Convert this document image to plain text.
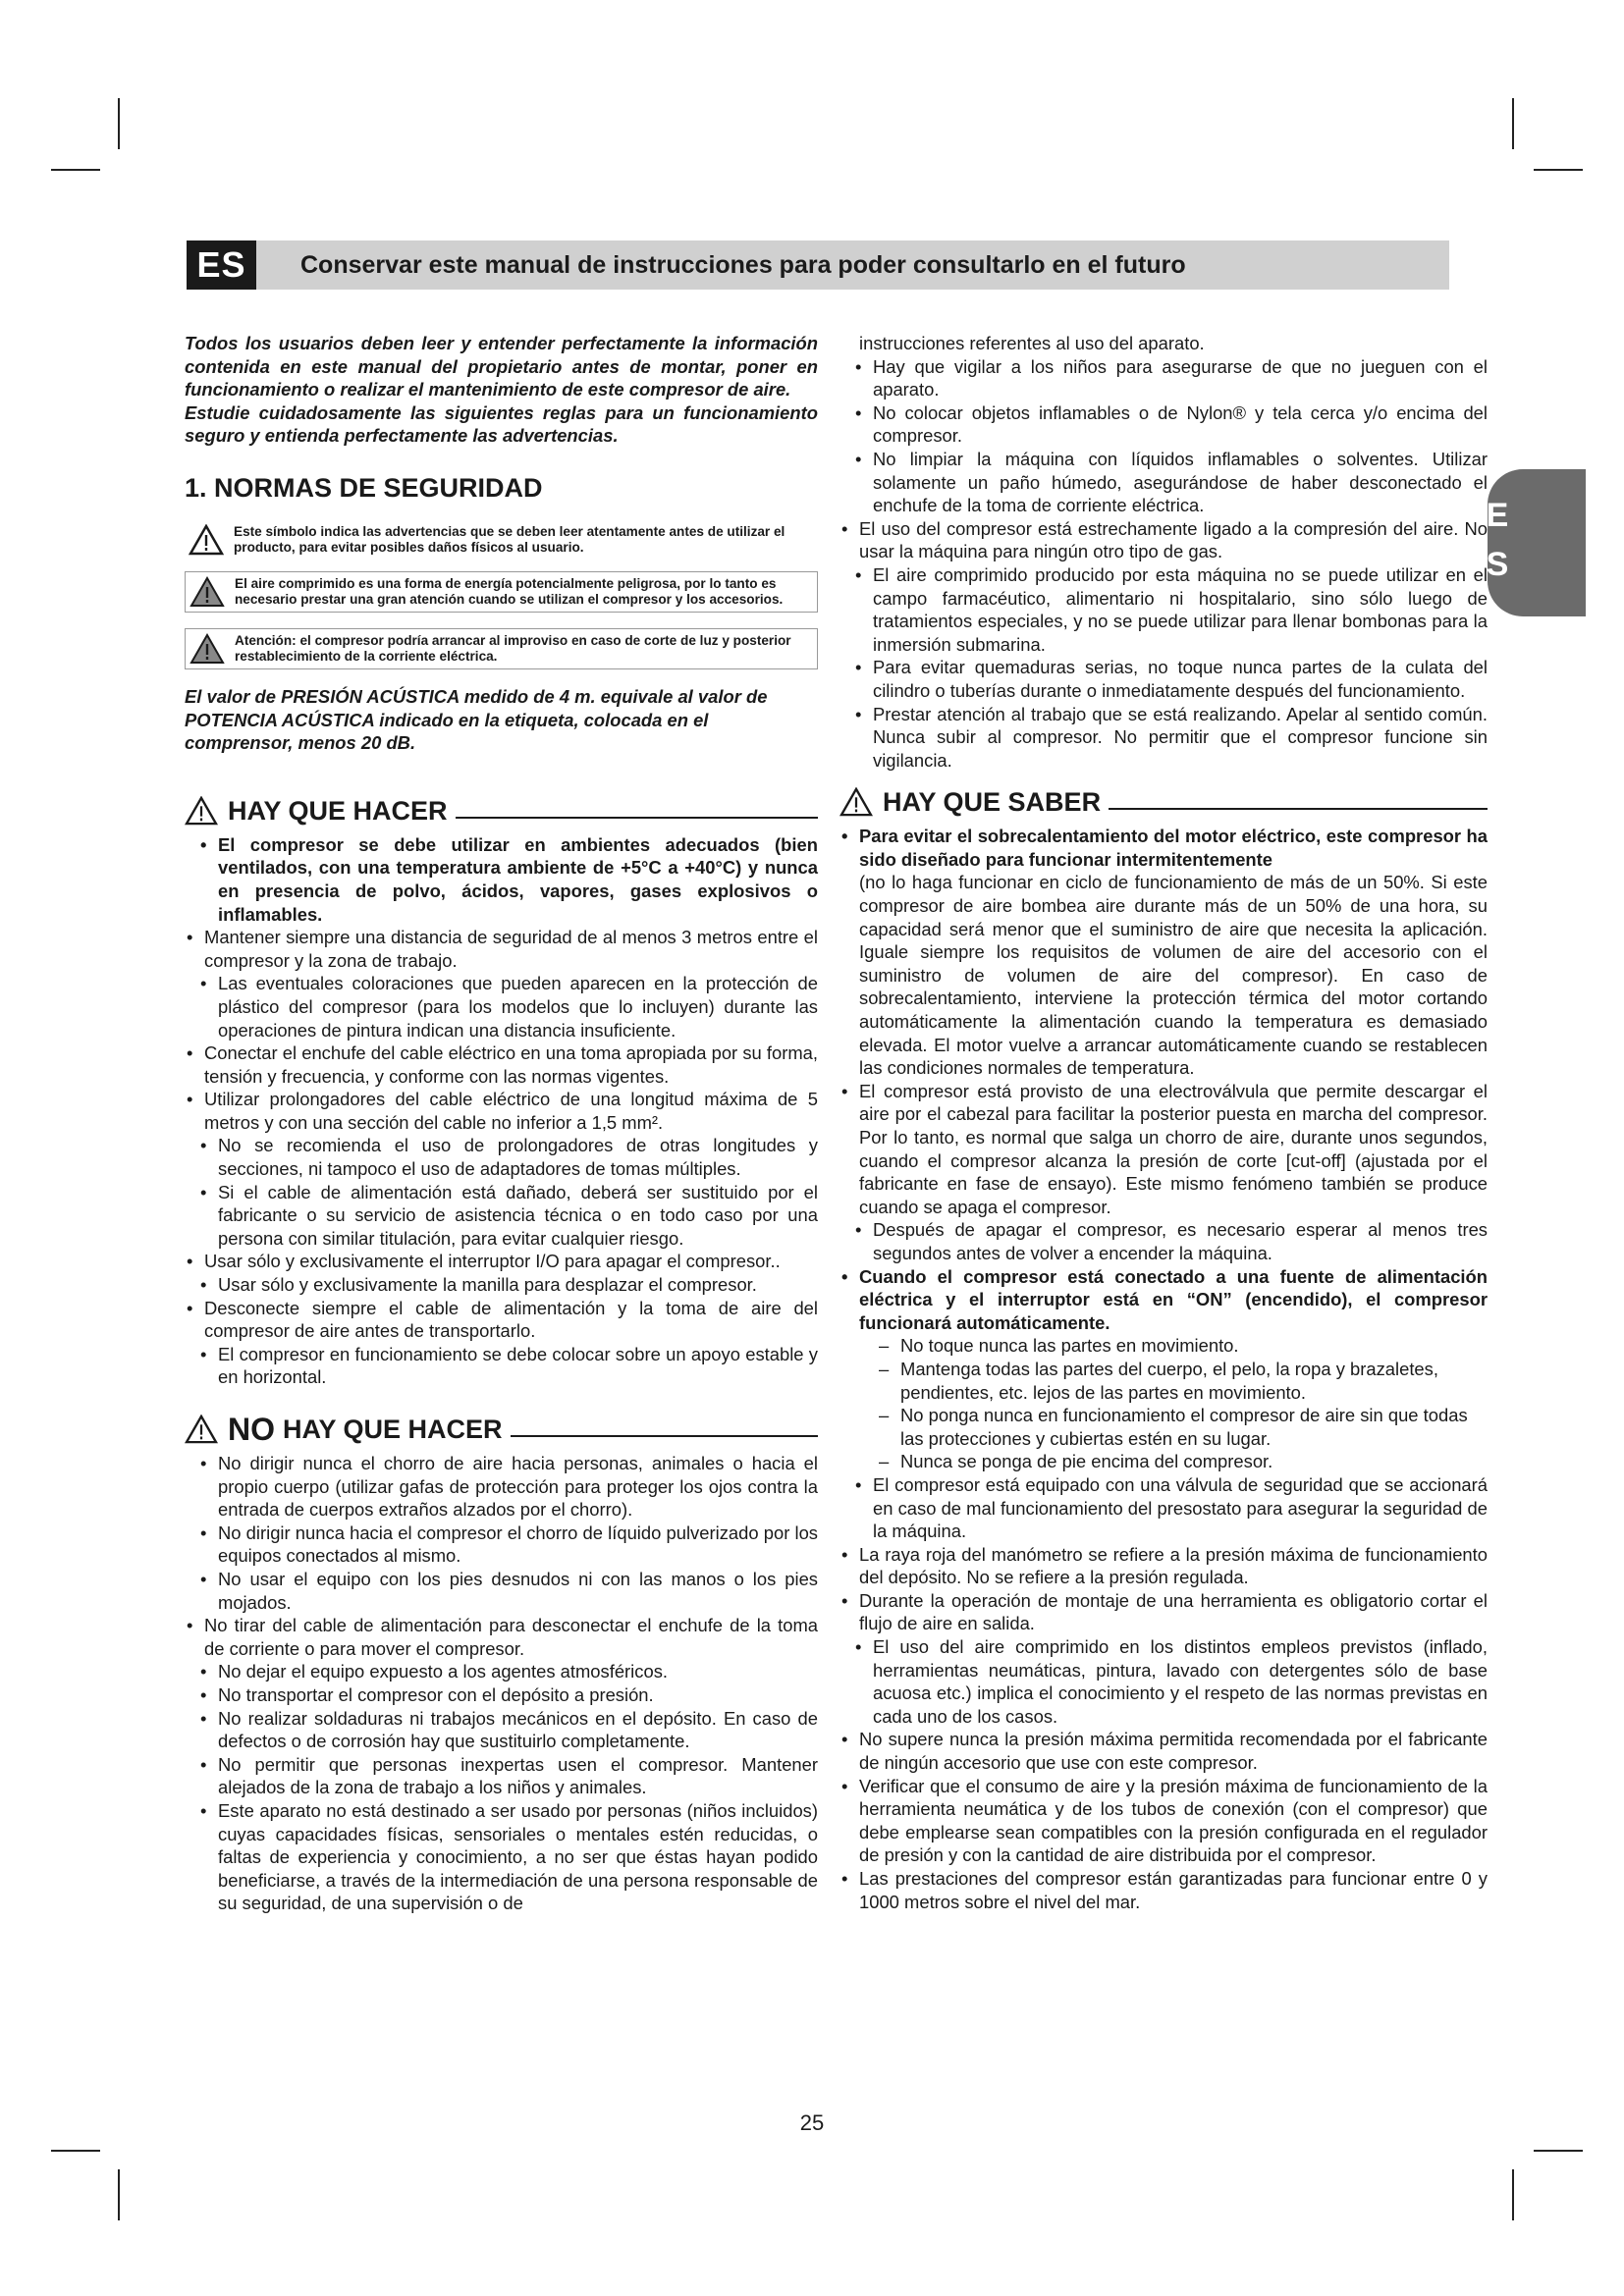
ES	Conservar este manual de instrucciones para poder consultarlo en el futuro
E
S

Todos los usuarios deben leer y entender perfectamente la información contenida en este manual del propietario antes de montar, poner en funcionamiento o realizar el mantenimiento de este compresor de aire.

Estudie cuidadosamente las siguientes reglas para un funcionamiento seguro y entienda perfectamente las advertencias.

1. NORMAS DE SEGURIDAD
Este símbolo indica las advertencias que se deben leer atentamente antes de utilizar el producto, para evitar posibles daños físicos al usuario.
El aire comprimido es una forma de energía potencialmente peligrosa, por lo tanto es necesario prestar una gran atención cuando se utilizan el compresor y los accesorios.
Atención: el compresor podría arrancar al improviso en caso de corte de luz y posterior restablecimiento de la corriente eléctrica.

El valor de PRESIÓN ACÚSTICA medido de 4 m. equivale al valor de POTENCIA ACÚSTICA indicado en la etiqueta, colocada en el comprensor, menos 20 dB.

HAY QUE HACER
• El compresor se debe utilizar en ambientes adecuados (bien ventilados, con una temperatura ambiente de +5°C a +40°C) y nunca en presencia de polvo, ácidos, vapores, gases explosivos o inflamables.
• Mantener siempre una distancia de seguridad de al menos 3 metros entre el compresor y la zona de trabajo.
• Las eventuales coloraciones que pueden aparecen en la protección de plástico del compresor (para los modelos que lo incluyen) durante las operaciones de pintura indican una distancia insuficiente.
• Conectar el enchufe del cable eléctrico en una toma apropiada por su forma, tensión y frecuencia, y conforme con las normas vigentes.
• Utilizar prolongadores del cable eléctrico de una longitud máxima de 5 metros y con una sección del cable no inferior a 1,5 mm².
• No se recomienda el uso de prolongadores de otras longitudes y secciones, ni tampoco el uso de adaptadores de tomas múltiples.
• Si el cable de alimentación está dañado, deberá ser sustituido por el fabricante o su servicio de asistencia técnica o en todo caso por una persona con similar titulación, para evitar cualquier riesgo.
• Usar sólo y exclusivamente el interruptor I/O para apagar el compresor..
• Usar sólo y exclusivamente la manilla para desplazar el compresor.
• Desconecte siempre el cable de alimentación y la toma de aire del compresor de aire antes de transportarlo.
• El compresor en funcionamiento se debe colocar sobre un apoyo estable y en horizontal.
NO HAY QUE HACER
• No dirigir nunca el chorro de aire hacia personas, animales o hacia el propio cuerpo (utilizar gafas de protección para proteger los ojos contra la entrada de cuerpos extraños alzados por el chorro).
• No dirigir nunca hacia el compresor el chorro de líquido pulverizado por los equipos conectados al mismo.
• No usar el equipo con los pies desnudos ni con las manos o los pies mojados.
• No tirar del cable de alimentación para desconectar el enchufe de la toma de corriente o para mover el compresor.
• No dejar el equipo expuesto a los agentes atmosféricos.
• No transportar el compresor con el depósito a presión.
• No realizar soldaduras ni trabajos mecánicos en el depósito. En caso de defectos o de corrosión hay que sustituirlo completamente.
• No permitir que personas inexpertas usen el compresor. Mantener alejados de la zona de trabajo a los niños y animales.
• Este aparato no está destinado a ser usado por personas (niños incluidos) cuyas capacidades físicas, sensoriales o mentales estén reducidas, o faltas de experiencia y conocimiento, a no ser que éstas hayan podido beneficiarse, a través de la intermediación de una persona responsable de su seguridad, de una supervisión o de
instrucciones referentes al uso del aparato.
• Hay que vigilar a los niños para asegurarse de que no jueguen con el aparato.
• No colocar objetos inflamables o de Nylon® y tela cerca y/o encima del compresor.
• No limpiar la máquina con líquidos inflamables o solventes. Utilizar solamente un paño húmedo, asegurándose de haber desconectado el enchufe de la toma de corriente eléctrica.
• El uso del compresor está estrechamente ligado a la compresión del aire. No usar la máquina para ningún otro tipo de gas.
• El aire comprimido producido por esta máquina no se puede utilizar en el campo farmacéutico, alimentario ni hospitalario, sino sólo luego de tratamientos especiales, y no se puede utilizar para llenar bombonas para la inmersión submarina.
• Para evitar quemaduras serias, no toque nunca partes de la culata del cilindro o tuberías durante o inmediatamente después del funcionamiento.
• Prestar atención al trabajo que se está realizando. Apelar al sentido común. Nunca subir al compresor. No permitir que el compresor funcione sin vigilancia.
HAY QUE SABER
• Para evitar el sobrecalentamiento del motor eléctrico, este compresor ha sido diseñado para funcionar intermitentemente
(no lo haga funcionar en ciclo de funcionamiento de más de un 50%. Si este compresor de aire bombea aire durante más de un 50% de una hora, su capacidad será menor que el suministro de aire que necesita la aplicación. Iguale siempre los requisitos de volumen de aire del accesorio con el suministro de volumen de aire del compresor). En caso de sobrecalentamiento, interviene la protección térmica del motor cortando automáticamente la alimentación cuando la temperatura es demasiado elevada. El motor vuelve a arrancar automáticamente cuando se restablecen las condiciones normales de temperatura.
• El compresor está provisto de una electroválvula que permite descargar el aire por el cabezal para facilitar la posterior puesta en marcha del compresor. Por lo tanto, es normal que salga un chorro de aire, durante unos segundos, cuando el compresor alcanza la presión de corte [cut-off] (ajustada por el fabricante en fase de ensayo). Este mismo fenómeno también se produce cuando se apaga el compresor.
• Después de apagar el compresor, es necesario esperar al menos tres segundos antes de volver a encender la máquina.
• Cuando el compresor está conectado a una fuente de alimentación eléctrica y el interruptor está en “ON” (encendido), el compresor funcionará automáticamente.
– No toque nunca las partes en movimiento.
– Mantenga todas las partes del cuerpo, el pelo, la ropa y brazaletes, pendientes, etc. lejos de las partes en movimiento.
– No ponga nunca en funcionamiento el compresor de aire sin que todas las protecciones y cubiertas estén en su lugar.
– Nunca se ponga de pie encima del compresor.
• El compresor está equipado con una válvula de seguridad que se accionará en caso de mal funcionamiento del presostato para asegurar la seguridad de la máquina.
• La raya roja del manómetro se refiere a la presión máxima de funcionamiento del depósito. No se refiere a la presión regulada.
• Durante la operación de montaje de una herramienta es obligatorio cortar el flujo de aire en salida.
• El uso del aire comprimido en los distintos empleos previstos (inflado, herramientas neumáticas, pintura, lavado con detergentes sólo de base acuosa etc.) implica el conocimiento y el respeto de las normas previstas en cada uno de los casos.
• No supere nunca la presión máxima permitida recomendada por el fabricante de ningún accesorio que use con este compresor.
• Verificar que el consumo de aire y la presión máxima de funcionamiento de la herramienta neumática y de los tubos de conexión (con el compresor) que debe emplearse sean compatibles con la presión configurada en el regulador de presión y con la cantidad de aire distribuida por el compresor.
• Las prestaciones del compresor están garantizadas para funcionar entre 0 y 1000 metros sobre el nivel del mar.
25
